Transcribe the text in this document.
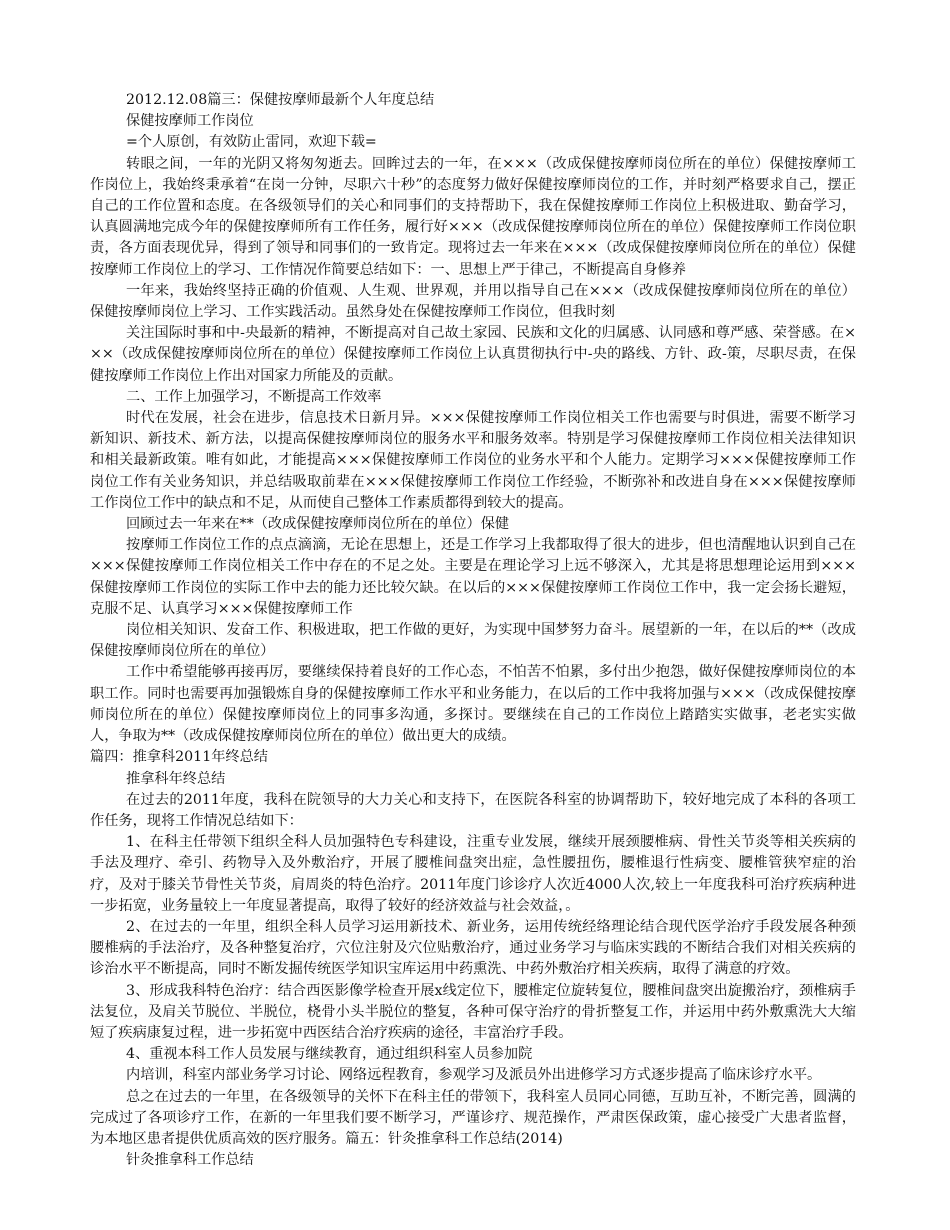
2012.12.08篇三：保健按摩师最新个人年度总结

保健按摩师工作岗位

=个人原创，有效防止雷同，欢迎下载=

转眼之间，一年的光阴又将匆匆逝去。回眸过去的一年，在×××（改成保健按摩师岗位所在的单位）保健按摩师工作岗位上，我始终秉承着“在岗一分钟，尽职六十秒”的态度努力做好保健按摩师岗位的工作，并时刻严格要求自己，摆正自己的工作位置和态度。在各级领导们的关心和同事们的支持帮助下，我在保健按摩师工作岗位上积极进取、勤奋学习，认真圆满地完成今年的保健按摩师所有工作任务，履行好×××（改成保健按摩师岗位所在的单位）保健按摩师工作岗位职责，各方面表现优异，得到了领导和同事们的一致肯定。现将过去一年来在×××（改成保健按摩师岗位所在的单位）保健按摩师工作岗位上的学习、工作情况作简要总结如下：一、思想上严于律己，不断提高自身修养

一年来，我始终坚持正确的价值观、人生观、世界观，并用以指导自己在×××（改成保健按摩师岗位所在的单位）保健按摩师岗位上学习、工作实践活动。虽然身处在保健按摩师工作岗位，但我时刻

关注国际时事和中-央最新的精神，不断提高对自己故土家园、民族和文化的归属感、认同感和尊严感、荣誉感。在×××（改成保健按摩师岗位所在的单位）保健按摩师工作岗位上认真贯彻执行中-央的路线、方针、政-策，尽职尽责，在保健按摩师工作岗位上作出对国家力所能及的贡献。

二、工作上加强学习，不断提高工作效率

时代在发展，社会在进步，信息技术日新月异。×××保健按摩师工作岗位相关工作也需要与时俱进，需要不断学习新知识、新技术、新方法，以提高保健按摩师岗位的服务水平和服务效率。特别是学习保健按摩师工作岗位相关法律知识和相关最新政策。唯有如此，才能提高×××保健按摩师工作岗位的业务水平和个人能力。定期学习×××保健按摩师工作岗位工作有关业务知识，并总结吸取前辈在×××保健按摩师工作岗位工作经验，不断弥补和改进自身在×××保健按摩师工作岗位工作中的缺点和不足，从而使自己整体工作素质都得到较大的提高。

回顾过去一年来在**（改成保健按摩师岗位所在的单位）保健

按摩师工作岗位工作的点点滴滴，无论在思想上，还是工作学习上我都取得了很大的进步，但也清醒地认识到自己在×××保健按摩师工作岗位相关工作中存在的不足之处。主要是在理论学习上远不够深入，尤其是将思想理论运用到×××保健按摩师工作岗位的实际工作中去的能力还比较欠缺。在以后的×××保健按摩师工作岗位工作中，我一定会扬长避短，克服不足、认真学习×××保健按摩师工作

岗位相关知识、发奋工作、积极进取，把工作做的更好，为实现中国梦努力奋斗。展望新的一年，在以后的**（改成保健按摩师岗位所在的单位）

工作中希望能够再接再厉，要继续保持着良好的工作心态，不怕苦不怕累，多付出少抱怨，做好保健按摩师岗位的本职工作。同时也需要再加强锻炼自身的保健按摩师工作水平和业务能力，在以后的工作中我将加强与×××（改成保健按摩师岗位所在的单位）保健按摩师岗位上的同事多沟通，多探讨。要继续在自己的工作岗位上踏踏实实做事，老老实实做人，争取为**（改成保健按摩师岗位所在的单位）做出更大的成绩。

篇四：推拿科2011年终总结

推拿科年终总结

在过去的2011年度，我科在院领导的大力关心和支持下，在医院各科室的协调帮助下，较好地完成了本科的各项工作任务，现将工作情况总结如下：

1、在科主任带领下组织全科人员加强特色专科建设，注重专业发展，继续开展颈腰椎病、骨性关节炎等相关疾病的手法及理疗、牵引、药物导入及外敷治疗，开展了腰椎间盘突出症，急性腰扭伤，腰椎退行性病变、腰椎管狭窄症的治疗，及对于膝关节骨性关节炎，肩周炎的特色治疗。2011年度门诊诊疗人次近4000人次,较上一年度我科可治疗疾病种进一步拓宽，业务量较上一年度显著提高，取得了较好的经济效益与社会效益，。

2、在过去的一年里，组织全科人员学习运用新技术、新业务，运用传统经络理论结合现代医学治疗手段发展各种颈腰椎病的手法治疗，及各种整复治疗，穴位注射及穴位贴敷治疗，通过业务学习与临床实践的不断结合我们对相关疾病的诊治水平不断提高，同时不断发掘传统医学知识宝库运用中药熏洗、中药外敷治疗相关疾病，取得了满意的疗效。

3、形成我科特色治疗：结合西医影像学检查开展x线定位下，腰椎定位旋转复位，腰椎间盘突出旋搬治疗，颈椎病手法复位，及肩关节脱位、半脱位，桡骨小头半脱位的整复，各种可保守治疗的骨折整复工作，并运用中药外敷熏洗大大缩短了疾病康复过程，进一步拓宽中西医结合治疗疾病的途径，丰富治疗手段。

4、重视本科工作人员发展与继续教育，通过组织科室人员参加院

内培训，科室内部业务学习讨论、网络远程教育，参观学习及派员外出进修学习方式逐步提高了临床诊疗水平。

总之在过去的一年里，在各级领导的关怀下在科主任的带领下，我科室人员同心同德，互助互补，不断完善，圆满的完成过了各项诊疗工作，在新的一年里我们要不断学习，严谨诊疗、规范操作，严肃医保政策，虚心接受广大患者监督，为本地区患者提供优质高效的医疗服务。篇五：针灸推拿科工作总结(2014)

针灸推拿科工作总结
